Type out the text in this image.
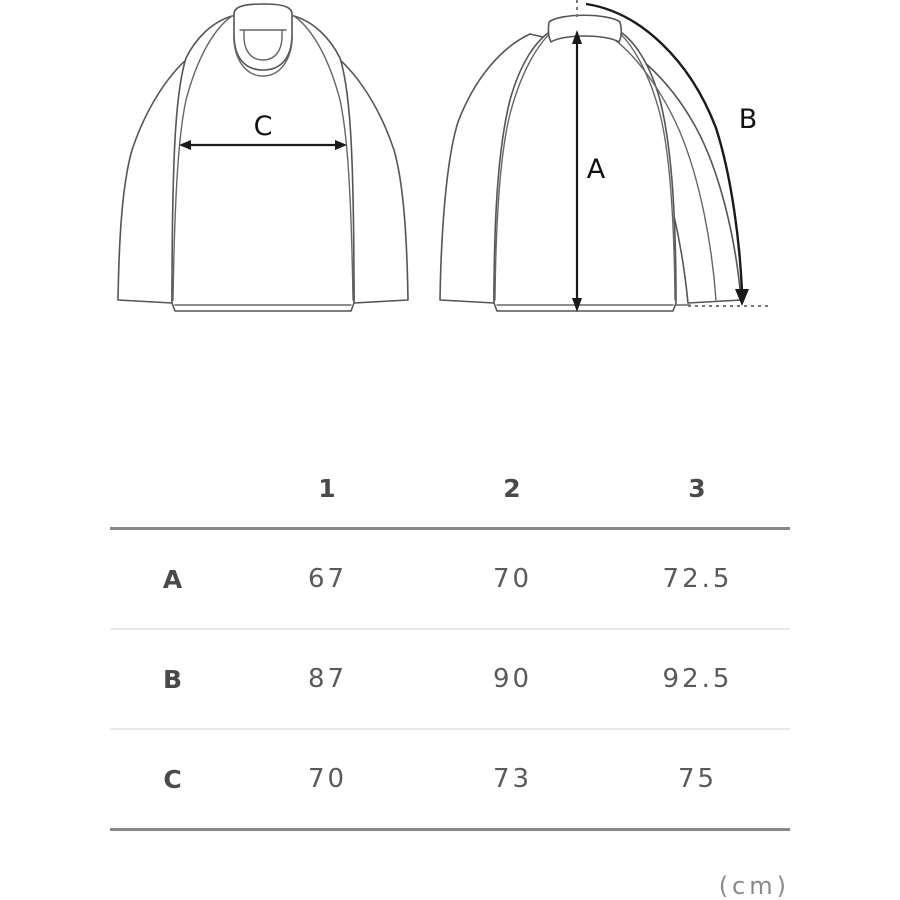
C
A
B
	1	2	3
A	67	70	72.5
B	87	90	92.5
C	70	73	75
(cm)
